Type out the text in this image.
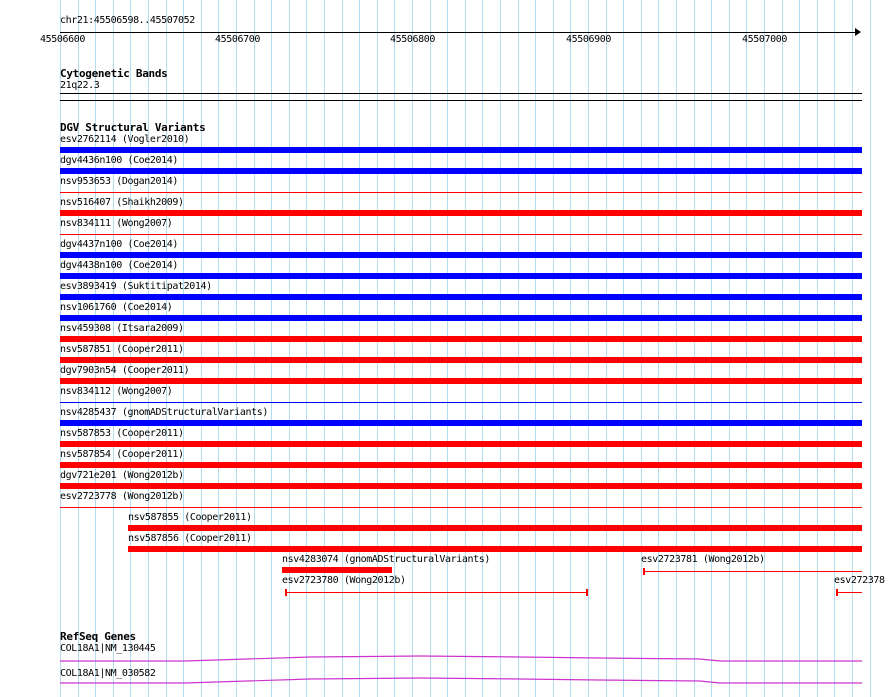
chr21:45506598..45507052
45506600	45506700	45506800	45506900	45507000
Cytogenetic Bands
21q22.3
DGV Structural Variants
esv2762114 (Vogler2010)
dgv4436n100 (Coe2014)
nsv953653 (Dogan2014)
nsv516407 (Shaikh2009)
nsv834111 (Wong2007)
dgv4437n100 (Coe2014)
dgv4438n100 (Coe2014)
esv3893419 (Suktitipat2014)
nsv1061760 (Coe2014)
nsv459308 (Itsara2009)
nsv587851 (Cooper2011)
dgv7903n54 (Cooper2011)
nsv834112 (Wong2007)
nsv4285437 (gnomADStructuralVariants)
nsv587853 (Cooper2011)
nsv587854 (Cooper2011)
dgv721e201 (Wong2012b)
esv2723778 (Wong2012b)
nsv587855 (Cooper2011)
nsv587856 (Cooper2011)
nsv4283074 (gnomADStructuralVariants)
esv2723780 (Wong2012b)
esv2723781 (Wong2012b)
esv272378
RefSeq Genes
COL18A1|NM_130445
COL18A1|NM_030582
